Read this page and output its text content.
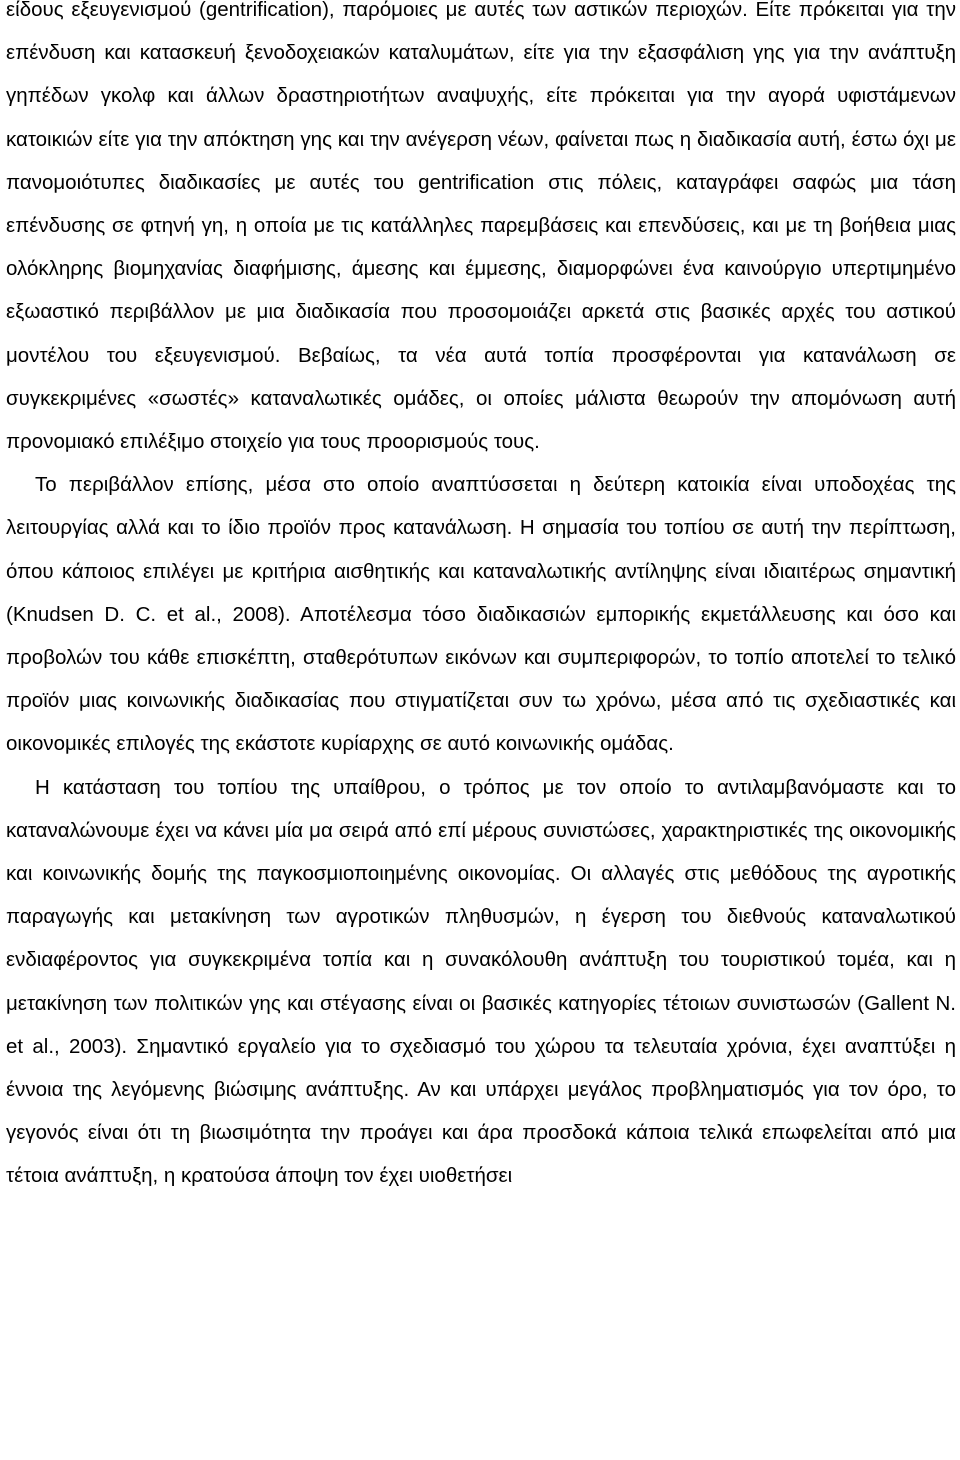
είδους εξευγενισμού (gentrification), παρόμοιες με αυτές των αστικών περιοχών. Είτε πρόκειται για την επένδυση και κατασκευή ξενοδοχειακών καταλυμάτων, είτε για την εξασφάλιση γης για την ανάπτυξη γηπέδων γκολφ και άλλων δραστηριοτήτων αναψυχής, είτε πρόκειται για την αγορά υφιστάμενων κατοικιών είτε για την απόκτηση γης και την ανέγερση νέων, φαίνεται πως η διαδικασία αυτή, έστω όχι με πανομοιότυπες διαδικασίες με αυτές του gentrification στις πόλεις, καταγράφει σαφώς μια τάση επένδυσης σε φτηνή γη, η οποία με τις κατάλληλες παρεμβάσεις και επενδύσεις, και με τη βοήθεια μιας ολόκληρης βιομηχανίας διαφήμισης, άμεσης και έμμεσης, διαμορφώνει ένα καινούργιο υπερτιμημένο εξωαστικό περιβάλλον με μια διαδικασία που προσομοιάζει αρκετά στις βασικές αρχές του αστικού μοντέλου του εξευγενισμού. Βεβαίως, τα νέα αυτά τοπία προσφέρονται για κατανάλωση σε συγκεκριμένες «σωστές» καταναλωτικές ομάδες, οι οποίες μάλιστα θεωρούν την απομόνωση αυτή προνομιακό επιλέξιμο στοιχείο για τους προορισμούς τους.

Το περιβάλλον επίσης, μέσα στο οποίο αναπτύσσεται η δεύτερη κατοικία είναι υποδοχέας της λειτουργίας αλλά και το ίδιο προϊόν προς κατανάλωση. Η σημασία του τοπίου σε αυτή την περίπτωση, όπου κάποιος επιλέγει με κριτήρια αισθητικής και καταναλωτικής αντίληψης είναι ιδιαιτέρως σημαντική (Knudsen D. C. et al., 2008). Αποτέλεσμα τόσο διαδικασιών εμπορικής εκμετάλλευσης και όσο και προβολών του κάθε επισκέπτη, σταθερότυπων εικόνων και συμπεριφορών, το τοπίο αποτελεί το τελικό προϊόν μιας κοινωνικής διαδικασίας που στιγματίζεται συν τω χρόνω, μέσα από τις σχεδιαστικές και οικονομικές επιλογές της εκάστοτε κυρίαρχης σε αυτό κοινωνικής ομάδας.

Η κατάσταση του τοπίου της υπαίθρου, ο τρόπος με τον οποίο το αντιλαμβανόμαστε και το καταναλώνουμε έχει να κάνει μία μα σειρά από επί μέρους συνιστώσες, χαρακτηριστικές της οικονομικής και κοινωνικής δομής της παγκοσμιοποιημένης οικονομίας. Οι αλλαγές στις μεθόδους της αγροτικής παραγωγής και μετακίνηση των αγροτικών πληθυσμών, η έγερση του διεθνούς καταναλωτικού ενδιαφέροντος για συγκεκριμένα τοπία και η συνακόλουθη ανάπτυξη του τουριστικού τομέα, και η μετακίνηση των πολιτικών γης και στέγασης είναι οι βασικές κατηγορίες τέτοιων συνιστωσών (Gallent N. et al., 2003). Σημαντικό εργαλείο για το σχεδιασμό του χώρου τα τελευταία χρόνια, έχει αναπτύξει η έννοια της λεγόμενης βιώσιμης ανάπτυξης. Αν και υπάρχει μεγάλος προβληματισμός για τον όρο, το γεγονός είναι ότι τη βιωσιμότητα την προάγει και άρα προσδοκά κάποια τελικά επωφελείται από μια τέτοια ανάπτυξη, η κρατούσα άποψη τον έχει υιοθετήσει
